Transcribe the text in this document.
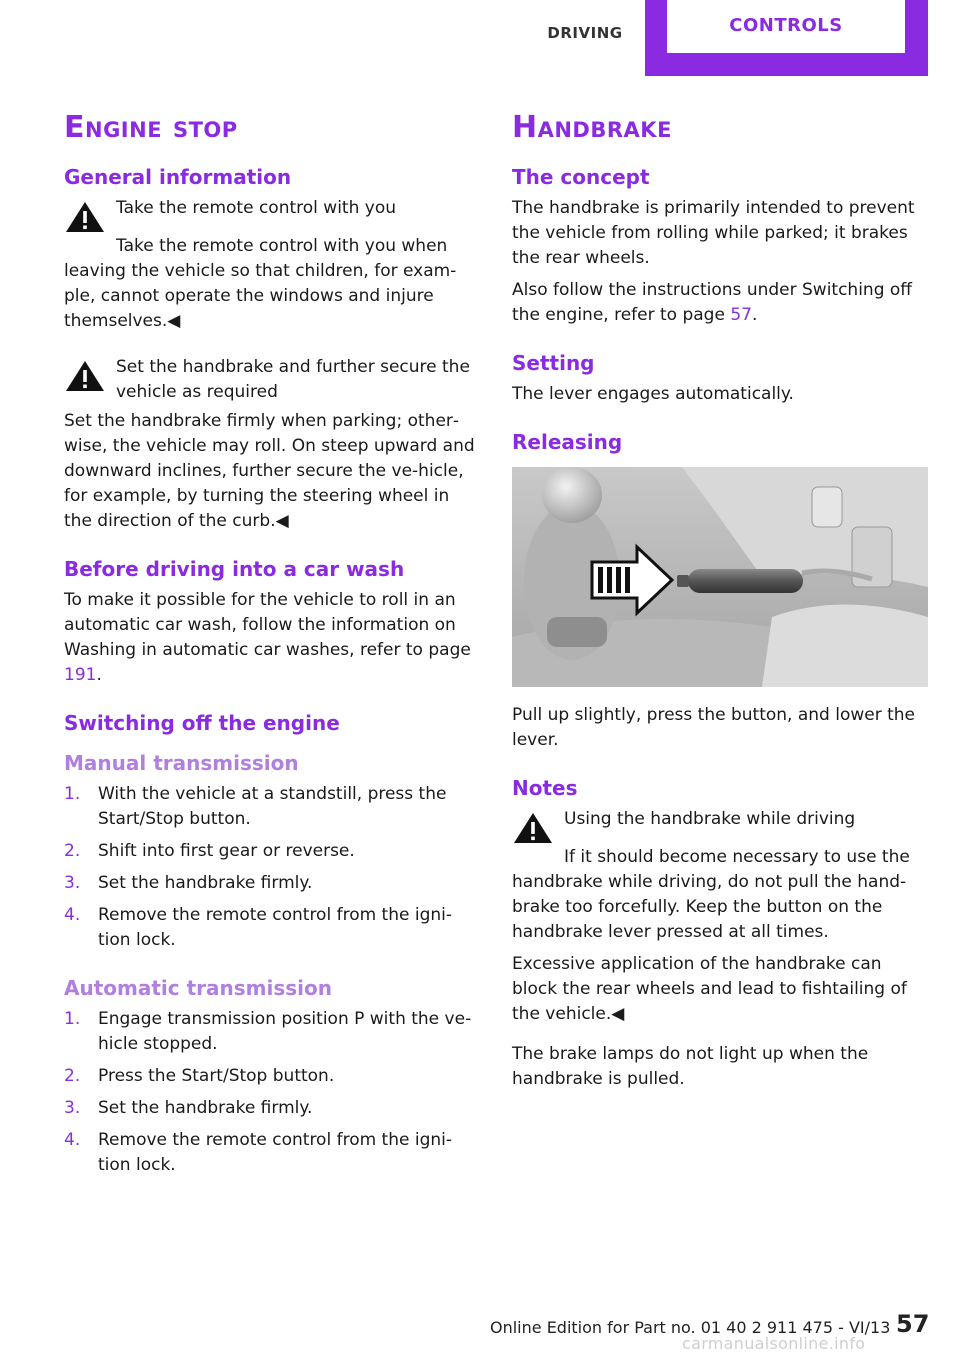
DRIVING	CONTROLS
Engine stop
General information
Take the remote control with you
Take the remote control with you when leaving the vehicle so that children, for exam‐ple, cannot operate the windows and injure themselves.◀
Set the handbrake and further secure the vehicle as required
Set the handbrake firmly when parking; other‐wise, the vehicle may roll. On steep upward and downward inclines, further secure the ve‐hicle, for example, by turning the steering wheel in the direction of the curb.◀
Before driving into a car wash

To make it possible for the vehicle to roll in an automatic car wash, follow the information on Washing in automatic car washes, refer to page 191.

Switching off the engine
Manual transmission
1. With the vehicle at a standstill, press the Start/Stop button.
2. Shift into first gear or reverse.
3. Set the handbrake firmly.
4. Remove the remote control from the igni‐tion lock.
Automatic transmission
1. Engage transmission position P with the ve‐hicle stopped.
2. Press the Start/Stop button.
3. Set the handbrake firmly.
4. Remove the remote control from the igni‐tion lock.
Handbrake
The concept

The handbrake is primarily intended to prevent the vehicle from rolling while parked; it brakes the rear wheels.

Also follow the instructions under Switching off the engine, refer to page 57.

Setting

The lever engages automatically.

Releasing

Pull up slightly, press the button, and lower the lever.

Notes
Using the handbrake while driving
If it should become necessary to use the handbrake while driving, do not pull the hand‐brake too forcefully. Keep the button on the handbrake lever pressed at all times.

Excessive application of the handbrake can block the rear wheels and lead to fishtailing of the vehicle.◀

The brake lamps do not light up when the handbrake is pulled.

Online Edition for Part no. 01 40 2 911 475 - VI/13 57
carmanualsonline.info
